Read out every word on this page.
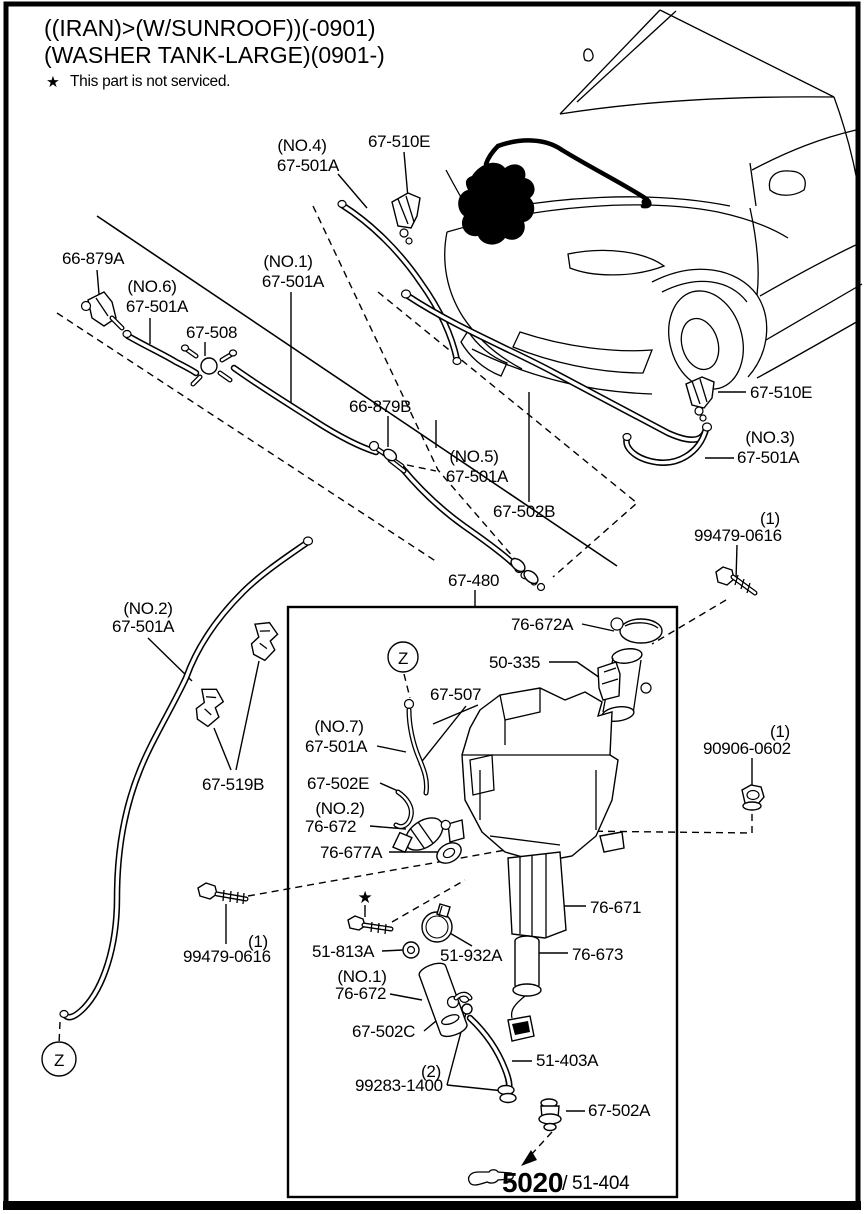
((IRAN)>(W/SUNROOF))(-0901)
(WASHER TANK-LARGE)(0901-)
★ This part is not serviced.
Z
Z
★
(NO.4)
67-501A
67-510E
66-879A
(NO.6)
67-501A
67-508
(NO.1)
67-501A
66-879B
(NO.5)
67-501A
67-502B
67-510E
(NO.3)
67-501A
(1)
99479-0616
67-480
76-672A
50-335
67-507
(NO.7)
67-501A
67-502E
(NO.2)
76-672
76-677A
(1)
90906-0602
76-671
(1)
99479-0616 51-813A	51-932A
(NO.1)
76-672
67-502C
76-673
51-403A
(2)
99283-1400
67-502A
(NO.2)
67-501A
67-519B
5020
/ 51-404
